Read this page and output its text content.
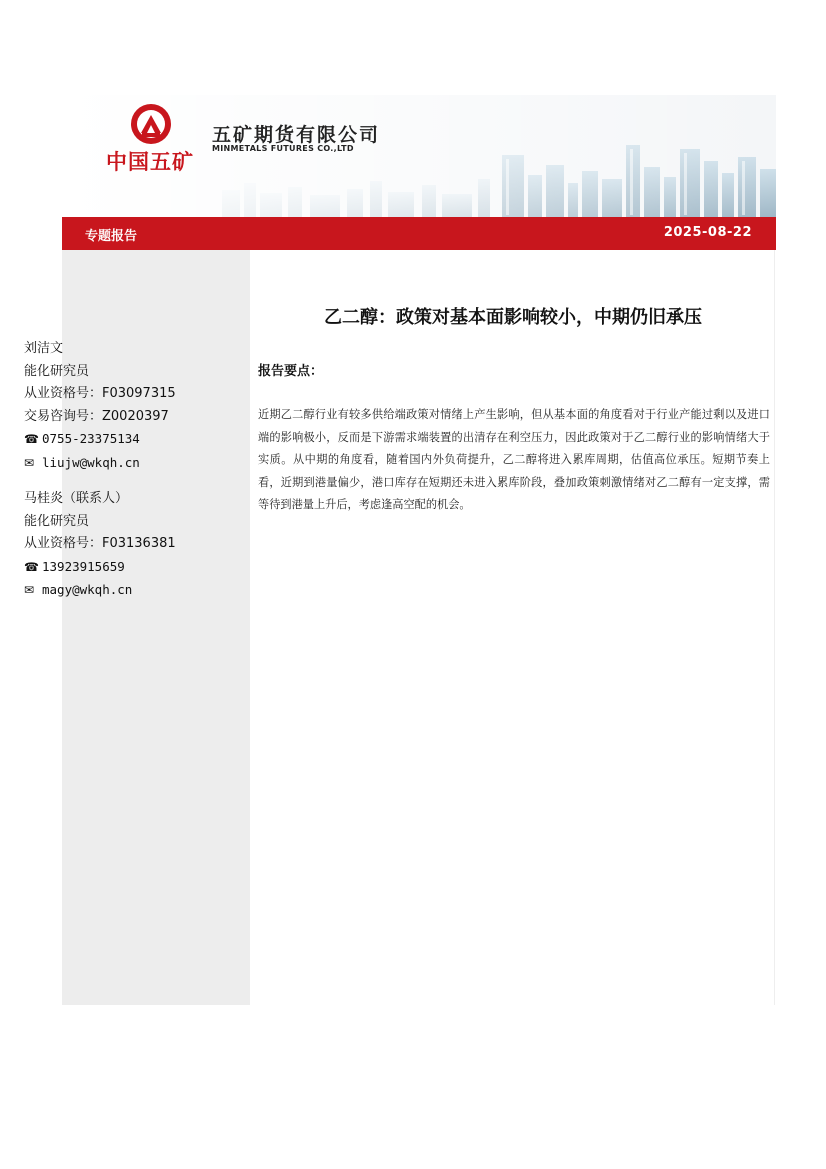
中国五矿
五矿期货有限公司
MINMETALS FUTURES CO.,LTD
专题报告	2025-08-22
刘洁文
能化研究员
从业资格号：F03097315
交易咨询号：Z0020397
☎ 0755-23375134
✉ liujw@wkqh.cn
马桂炎（联系人）
能化研究员
从业资格号：F03136381
☎ 13923915659
✉ magy@wkqh.cn
乙二醇：政策对基本面影响较小，中期仍旧承压
报告要点：
近期乙二醇行业有较多供给端政策对情绪上产生影响，但从基本面的角度看对于行业产能过剩以及进口端的影响极小，反而是下游需求端装置的出清存在利空压力，因此政策对于乙二醇行业的影响情绪大于实质。从中期的角度看，随着国内外负荷提升，乙二醇将进入累库周期，估值高位承压。短期节奏上看，近期到港量偏少，港口库存在短期还未进入累库阶段，叠加政策刺激情绪对乙二醇有一定支撑，需等待到港量上升后，考虑逢高空配的机会。
